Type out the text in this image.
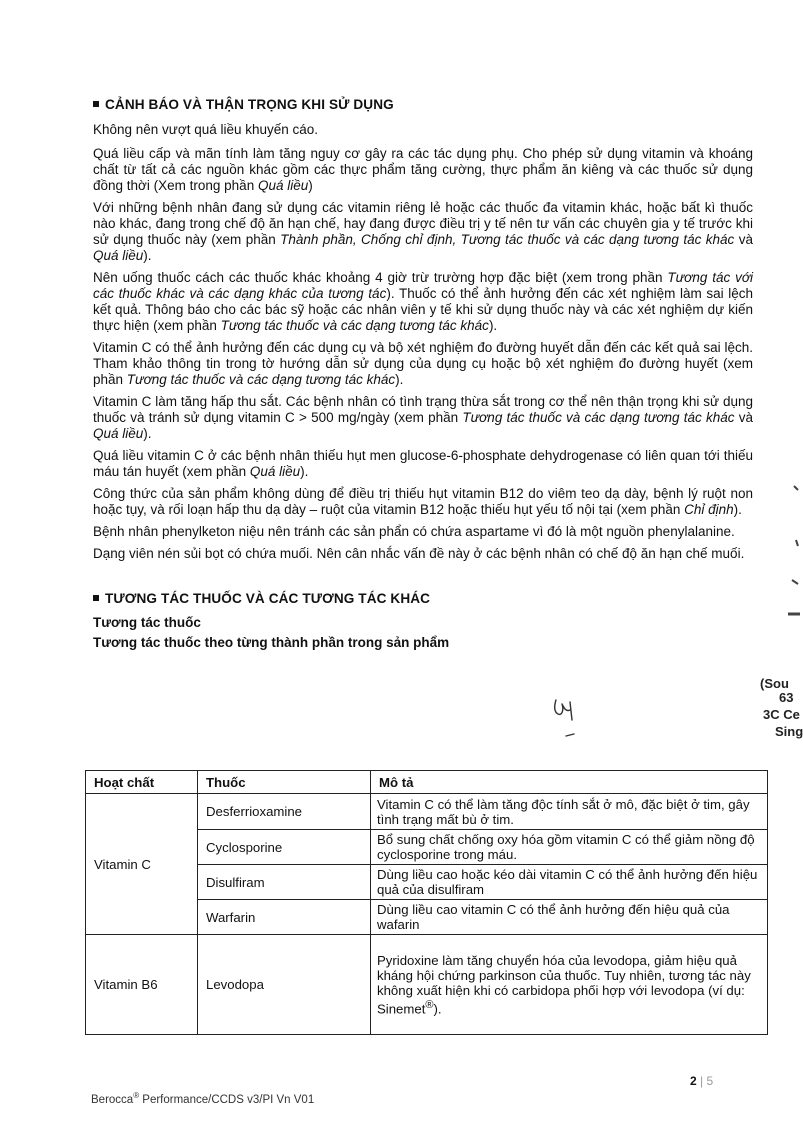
CẢNH BÁO VÀ THẬN TRỌNG KHI SỬ DỤNG

Không nên vượt quá liều khuyến cáo.

Quá liều cấp và mãn tính làm tăng nguy cơ gây ra các tác dụng phụ. Cho phép sử dụng vitamin và khoáng chất từ tất cả các nguồn khác gồm các thực phẩm tăng cường, thực phẩm ăn kiêng và các thuốc sử dụng đồng thời (Xem trong phần Quá liều)

Với những bệnh nhân đang sử dụng các vitamin riêng lẻ hoặc các thuốc đa vitamin khác, hoặc bất kì thuốc nào khác, đang trong chế độ ăn hạn chế, hay đang được điều trị y tế nên tư vấn các chuyên gia y tế trước khi sử dụng thuốc này (xem phần Thành phần, Chống chỉ định, Tương tác thuốc và các dạng tương tác khác và Quá liều).

Nên uống thuốc cách các thuốc khác khoảng 4 giờ trừ trường hợp đặc biệt (xem trong phần Tương tác với các thuốc khác và các dạng khác của tương tác). Thuốc có thể ảnh hưởng đến các xét nghiệm làm sai lệch kết quả. Thông báo cho các bác sỹ hoặc các nhân viên y tế khi sử dụng thuốc này và các xét nghiệm dự kiến thực hiện (xem phần Tương tác thuốc và các dạng tương tác khác).

Vitamin C có thể ảnh hưởng đến các dụng cụ và bộ xét nghiệm đo đường huyết dẫn đến các kết quả sai lệch. Tham khảo thông tin trong tờ hướng dẫn sử dụng của dụng cụ hoặc bộ xét nghiệm đo đường huyết (xem phần Tương tác thuốc và các dạng tương tác khác).

Vitamin C làm tăng hấp thu sắt. Các bệnh nhân có tình trạng thừa sắt trong cơ thể nên thận trọng khi sử dụng thuốc và tránh sử dụng vitamin C > 500 mg/ngày (xem phần Tương tác thuốc và các dạng tương tác khác và Quá liều).

Quá liều vitamin C ở các bệnh nhân thiếu hụt men glucose-6-phosphate dehydrogenase có liên quan tới thiếu máu tán huyết (xem phần Quá liều).

Công thức của sản phẩm không dùng để điều trị thiếu hụt vitamin B12 do viêm teo dạ dày, bệnh lý ruột non hoặc tụy, và rối loạn hấp thu dạ dày – ruột của vitamin B12 hoặc thiếu hụt yếu tố nội tại (xem phần Chỉ định).

Bệnh nhân phenylketon niệu nên tránh các sản phẩn có chứa aspartame vì đó là một nguồn phenylalanine.

Dạng viên nén sủi bọt có chứa muối. Nên cân nhắc vấn đề này ở các bệnh nhân có chế độ ăn hạn chế muối.

TƯƠNG TÁC THUỐC VÀ CÁC TƯƠNG TÁC KHÁC

Tương tác thuốc

Tương tác thuốc theo từng thành phần trong sản phẩm

Hoạt chất	Thuốc	Mô tả
Vitamin C	Desferrioxamine	Vitamin C có thể làm tăng độc tính sắt ở mô, đặc biệt ở tim, gây tình trạng mất bù ở tim.
	Cyclosporine	Bổ sung chất chống oxy hóa gồm vitamin C có thể giảm nồng độ cyclosporine trong máu.
	Disulfiram	Dùng liều cao hoặc kéo dài vitamin C có thể ảnh hưởng đến hiệu quả của disulfiram
	Warfarin	Dùng liều cao vitamin C có thể ảnh hưởng đến hiệu quả của wafarin
Vitamin B6	Levodopa	Pyridoxine làm tăng chuyển hóa của levodopa, giảm hiệu quả kháng hội chứng parkinson của thuốc. Tuy nhiên, tương tác này không xuất hiện khi có carbidopa phối hợp với levodopa (ví dụ: Sinemet®).
2 | 5
Berocca® Performance/CCDS v3/PI Vn V01
(Sou
63
3C Ce
Sing
